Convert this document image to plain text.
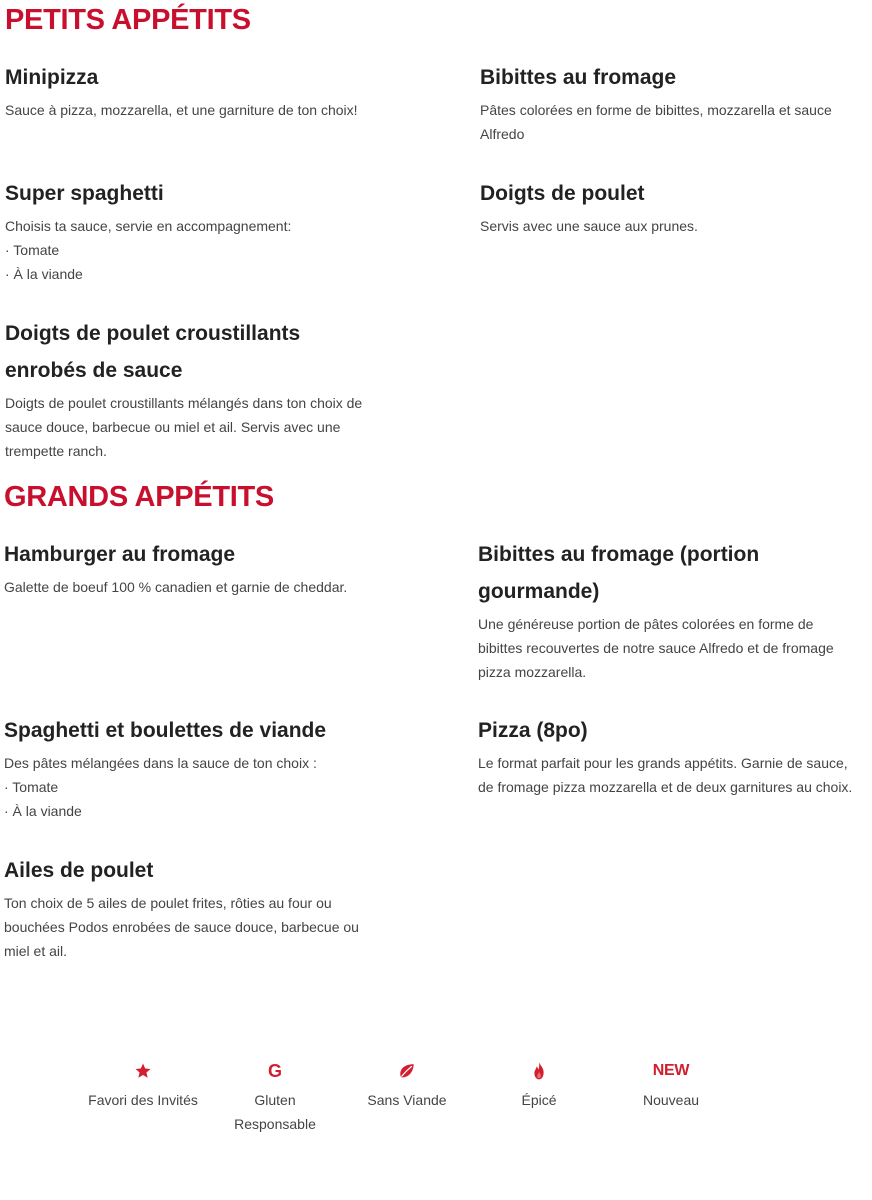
PETITS APPÉTITS
Minipizza

Sauce à pizza, mozzarella, et une garniture de ton choix!

Bibittes au fromage

Pâtes colorées en forme de bibittes, mozzarella et sauce Alfredo

Super spaghetti

Choisis ta sauce, servie en accompagnement:
· Tomate
· À la viande

Doigts de poulet

Servis avec une sauce aux prunes.

Doigts de poulet croustillants enrobés de sauce

Doigts de poulet croustillants mélangés dans ton choix de sauce douce, barbecue ou miel et ail. Servis avec une trempette ranch.

GRANDS APPÉTITS
Hamburger au fromage

Galette de boeuf 100 % canadien et garnie de cheddar.

Bibittes au fromage (portion gourmande)

Une généreuse portion de pâtes colorées en forme de bibittes recouvertes de notre sauce Alfredo et de fromage pizza mozzarella.

Spaghetti et boulettes de viande

Des pâtes mélangées dans la sauce de ton choix :
· Tomate
· À la viande

Pizza (8po)

Le format parfait pour les grands appétits. Garnie de sauce, de fromage pizza mozzarella et de deux garnitures au choix.

Ailes de poulet

Ton choix de 5 ailes de poulet frites, rôties au four ou bouchées Podos enrobées de sauce douce, barbecue ou miel et ail.

Favori des Invités
G
Gluten Responsable
Sans Viande	Épicé
NEW
Nouveau
